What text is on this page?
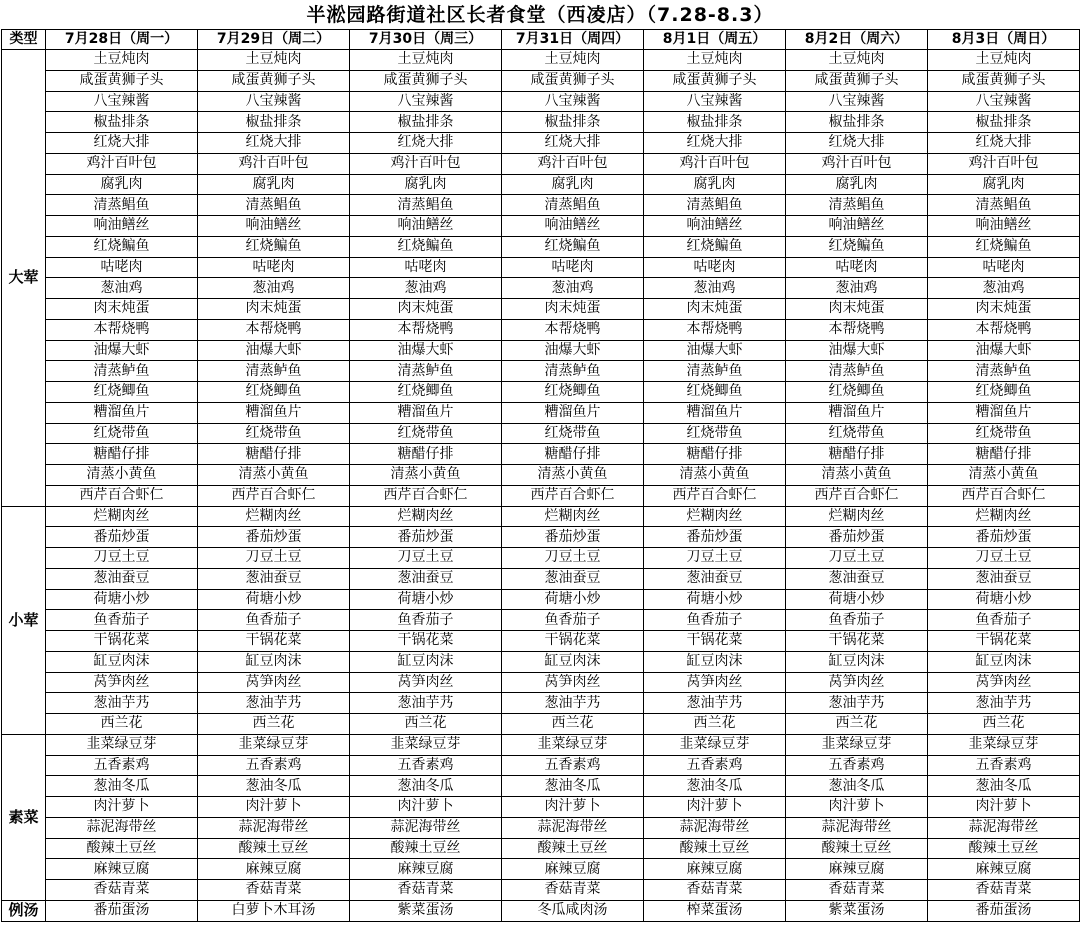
半淞园路街道社区长者食堂（西凌店）（7.28-8.3）
类型	7月28日（周一）	7月29日（周二）	7月30日（周三）	7月31日（周四）	8月1日（周五）	8月2日（周六）	8月3日（周日）
大荤	土豆炖肉	土豆炖肉	土豆炖肉	土豆炖肉	土豆炖肉	土豆炖肉	土豆炖肉
	咸蛋黄狮子头	咸蛋黄狮子头	咸蛋黄狮子头	咸蛋黄狮子头	咸蛋黄狮子头	咸蛋黄狮子头	咸蛋黄狮子头
	八宝辣酱	八宝辣酱	八宝辣酱	八宝辣酱	八宝辣酱	八宝辣酱	八宝辣酱
	椒盐排条	椒盐排条	椒盐排条	椒盐排条	椒盐排条	椒盐排条	椒盐排条
	红烧大排	红烧大排	红烧大排	红烧大排	红烧大排	红烧大排	红烧大排
	鸡汁百叶包	鸡汁百叶包	鸡汁百叶包	鸡汁百叶包	鸡汁百叶包	鸡汁百叶包	鸡汁百叶包
	腐乳肉	腐乳肉	腐乳肉	腐乳肉	腐乳肉	腐乳肉	腐乳肉
	清蒸鲳鱼	清蒸鲳鱼	清蒸鲳鱼	清蒸鲳鱼	清蒸鲳鱼	清蒸鲳鱼	清蒸鲳鱼
	响油鳝丝	响油鳝丝	响油鳝丝	响油鳝丝	响油鳝丝	响油鳝丝	响油鳝丝
	红烧鳊鱼	红烧鳊鱼	红烧鳊鱼	红烧鳊鱼	红烧鳊鱼	红烧鳊鱼	红烧鳊鱼
	咕咾肉	咕咾肉	咕咾肉	咕咾肉	咕咾肉	咕咾肉	咕咾肉
	葱油鸡	葱油鸡	葱油鸡	葱油鸡	葱油鸡	葱油鸡	葱油鸡
	肉末炖蛋	肉末炖蛋	肉末炖蛋	肉末炖蛋	肉末炖蛋	肉末炖蛋	肉末炖蛋
	本帮烧鸭	本帮烧鸭	本帮烧鸭	本帮烧鸭	本帮烧鸭	本帮烧鸭	本帮烧鸭
	油爆大虾	油爆大虾	油爆大虾	油爆大虾	油爆大虾	油爆大虾	油爆大虾
	清蒸鲈鱼	清蒸鲈鱼	清蒸鲈鱼	清蒸鲈鱼	清蒸鲈鱼	清蒸鲈鱼	清蒸鲈鱼
	红烧鲫鱼	红烧鲫鱼	红烧鲫鱼	红烧鲫鱼	红烧鲫鱼	红烧鲫鱼	红烧鲫鱼
	糟溜鱼片	糟溜鱼片	糟溜鱼片	糟溜鱼片	糟溜鱼片	糟溜鱼片	糟溜鱼片
	红烧带鱼	红烧带鱼	红烧带鱼	红烧带鱼	红烧带鱼	红烧带鱼	红烧带鱼
	糖醋仔排	糖醋仔排	糖醋仔排	糖醋仔排	糖醋仔排	糖醋仔排	糖醋仔排
	清蒸小黄鱼	清蒸小黄鱼	清蒸小黄鱼	清蒸小黄鱼	清蒸小黄鱼	清蒸小黄鱼	清蒸小黄鱼
	西芹百合虾仁	西芹百合虾仁	西芹百合虾仁	西芹百合虾仁	西芹百合虾仁	西芹百合虾仁	西芹百合虾仁
小荤	烂糊肉丝	烂糊肉丝	烂糊肉丝	烂糊肉丝	烂糊肉丝	烂糊肉丝	烂糊肉丝
	番茄炒蛋	番茄炒蛋	番茄炒蛋	番茄炒蛋	番茄炒蛋	番茄炒蛋	番茄炒蛋
	刀豆土豆	刀豆土豆	刀豆土豆	刀豆土豆	刀豆土豆	刀豆土豆	刀豆土豆
	葱油蚕豆	葱油蚕豆	葱油蚕豆	葱油蚕豆	葱油蚕豆	葱油蚕豆	葱油蚕豆
	荷塘小炒	荷塘小炒	荷塘小炒	荷塘小炒	荷塘小炒	荷塘小炒	荷塘小炒
	鱼香茄子	鱼香茄子	鱼香茄子	鱼香茄子	鱼香茄子	鱼香茄子	鱼香茄子
	干锅花菜	干锅花菜	干锅花菜	干锅花菜	干锅花菜	干锅花菜	干锅花菜
	缸豆肉沫	缸豆肉沫	缸豆肉沫	缸豆肉沫	缸豆肉沫	缸豆肉沫	缸豆肉沫
	莴笋肉丝	莴笋肉丝	莴笋肉丝	莴笋肉丝	莴笋肉丝	莴笋肉丝	莴笋肉丝
	葱油芋艿	葱油芋艿	葱油芋艿	葱油芋艿	葱油芋艿	葱油芋艿	葱油芋艿
	西兰花	西兰花	西兰花	西兰花	西兰花	西兰花	西兰花
素菜	韭菜绿豆芽	韭菜绿豆芽	韭菜绿豆芽	韭菜绿豆芽	韭菜绿豆芽	韭菜绿豆芽	韭菜绿豆芽
	五香素鸡	五香素鸡	五香素鸡	五香素鸡	五香素鸡	五香素鸡	五香素鸡
	葱油冬瓜	葱油冬瓜	葱油冬瓜	葱油冬瓜	葱油冬瓜	葱油冬瓜	葱油冬瓜
	肉汁萝卜	肉汁萝卜	肉汁萝卜	肉汁萝卜	肉汁萝卜	肉汁萝卜	肉汁萝卜
	蒜泥海带丝	蒜泥海带丝	蒜泥海带丝	蒜泥海带丝	蒜泥海带丝	蒜泥海带丝	蒜泥海带丝
	酸辣土豆丝	酸辣土豆丝	酸辣土豆丝	酸辣土豆丝	酸辣土豆丝	酸辣土豆丝	酸辣土豆丝
	麻辣豆腐	麻辣豆腐	麻辣豆腐	麻辣豆腐	麻辣豆腐	麻辣豆腐	麻辣豆腐
	香菇青菜	香菇青菜	香菇青菜	香菇青菜	香菇青菜	香菇青菜	香菇青菜
例汤	番茄蛋汤	白萝卜木耳汤	紫菜蛋汤	冬瓜咸肉汤	榨菜蛋汤	紫菜蛋汤	番茄蛋汤
